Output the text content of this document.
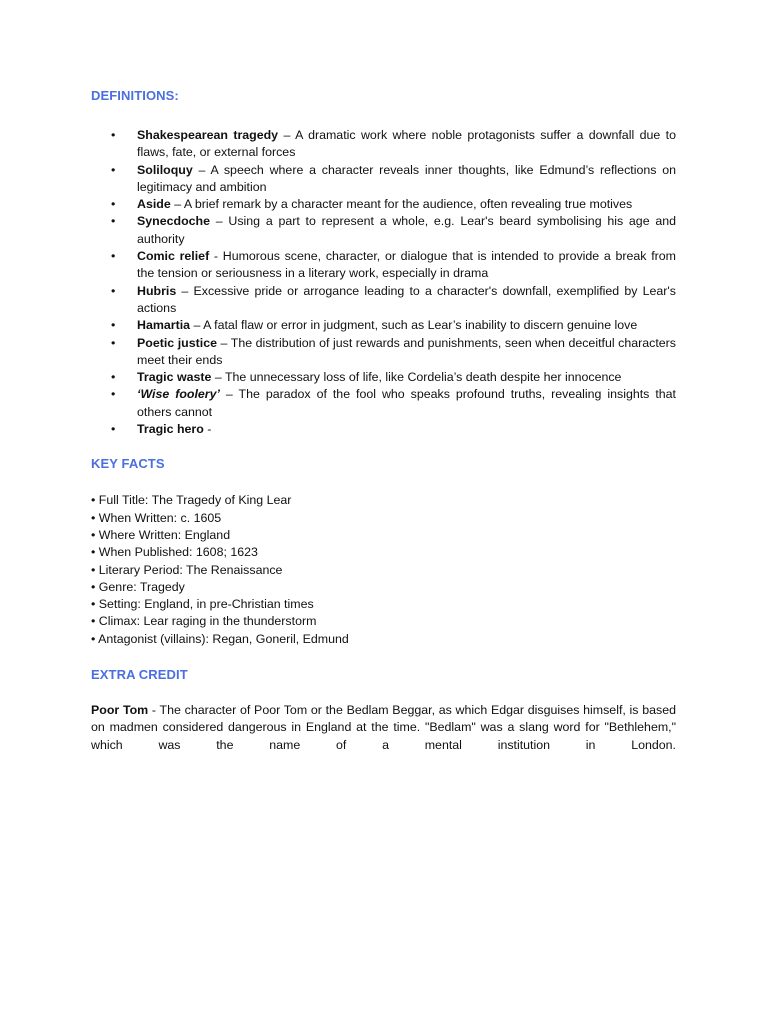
DEFINITIONS:
• Shakespearean tragedy – A dramatic work where noble protagonists suffer a downfall due to flaws, fate, or external forces
• Soliloquy – A speech where a character reveals inner thoughts, like Edmund’s reflections on legitimacy and ambition
• Aside – A brief remark by a character meant for the audience, often revealing true motives
• Synecdoche – Using a part to represent a whole, e.g. Lear's beard symbolising his age and authority
• Comic relief - Humorous scene, character, or dialogue that is intended to provide a break from the tension or seriousness in a literary work, especially in drama
• Hubris – Excessive pride or arrogance leading to a character's downfall, exemplified by Lear's actions
• Hamartia – A fatal flaw or error in judgment, such as Lear’s inability to discern genuine love
• Poetic justice – The distribution of just rewards and punishments, seen when deceitful characters meet their ends
• Tragic waste – The unnecessary loss of life, like Cordelia’s death despite her innocence
• ‘Wise foolery’ – The paradox of the fool who speaks profound truths, revealing insights that others cannot
• Tragic hero -
KEY FACTS
• Full Title: The Tragedy of King Lear
• When Written: c. 1605
• Where Written: England
• When Published: 1608; 1623
• Literary Period: The Renaissance
• Genre: Tragedy
• Setting: England, in pre-Christian times
• Climax: Lear raging in the thunderstorm
• Antagonist (villains): Regan, Goneril, Edmund
EXTRA CREDIT

Poor Tom - The character of Poor Tom or the Bedlam Beggar, as which Edgar disguises himself, is based on madmen considered dangerous in England at the time. "Bedlam" was a slang word for "Bethlehem," which was the name of a mental institution in London.
